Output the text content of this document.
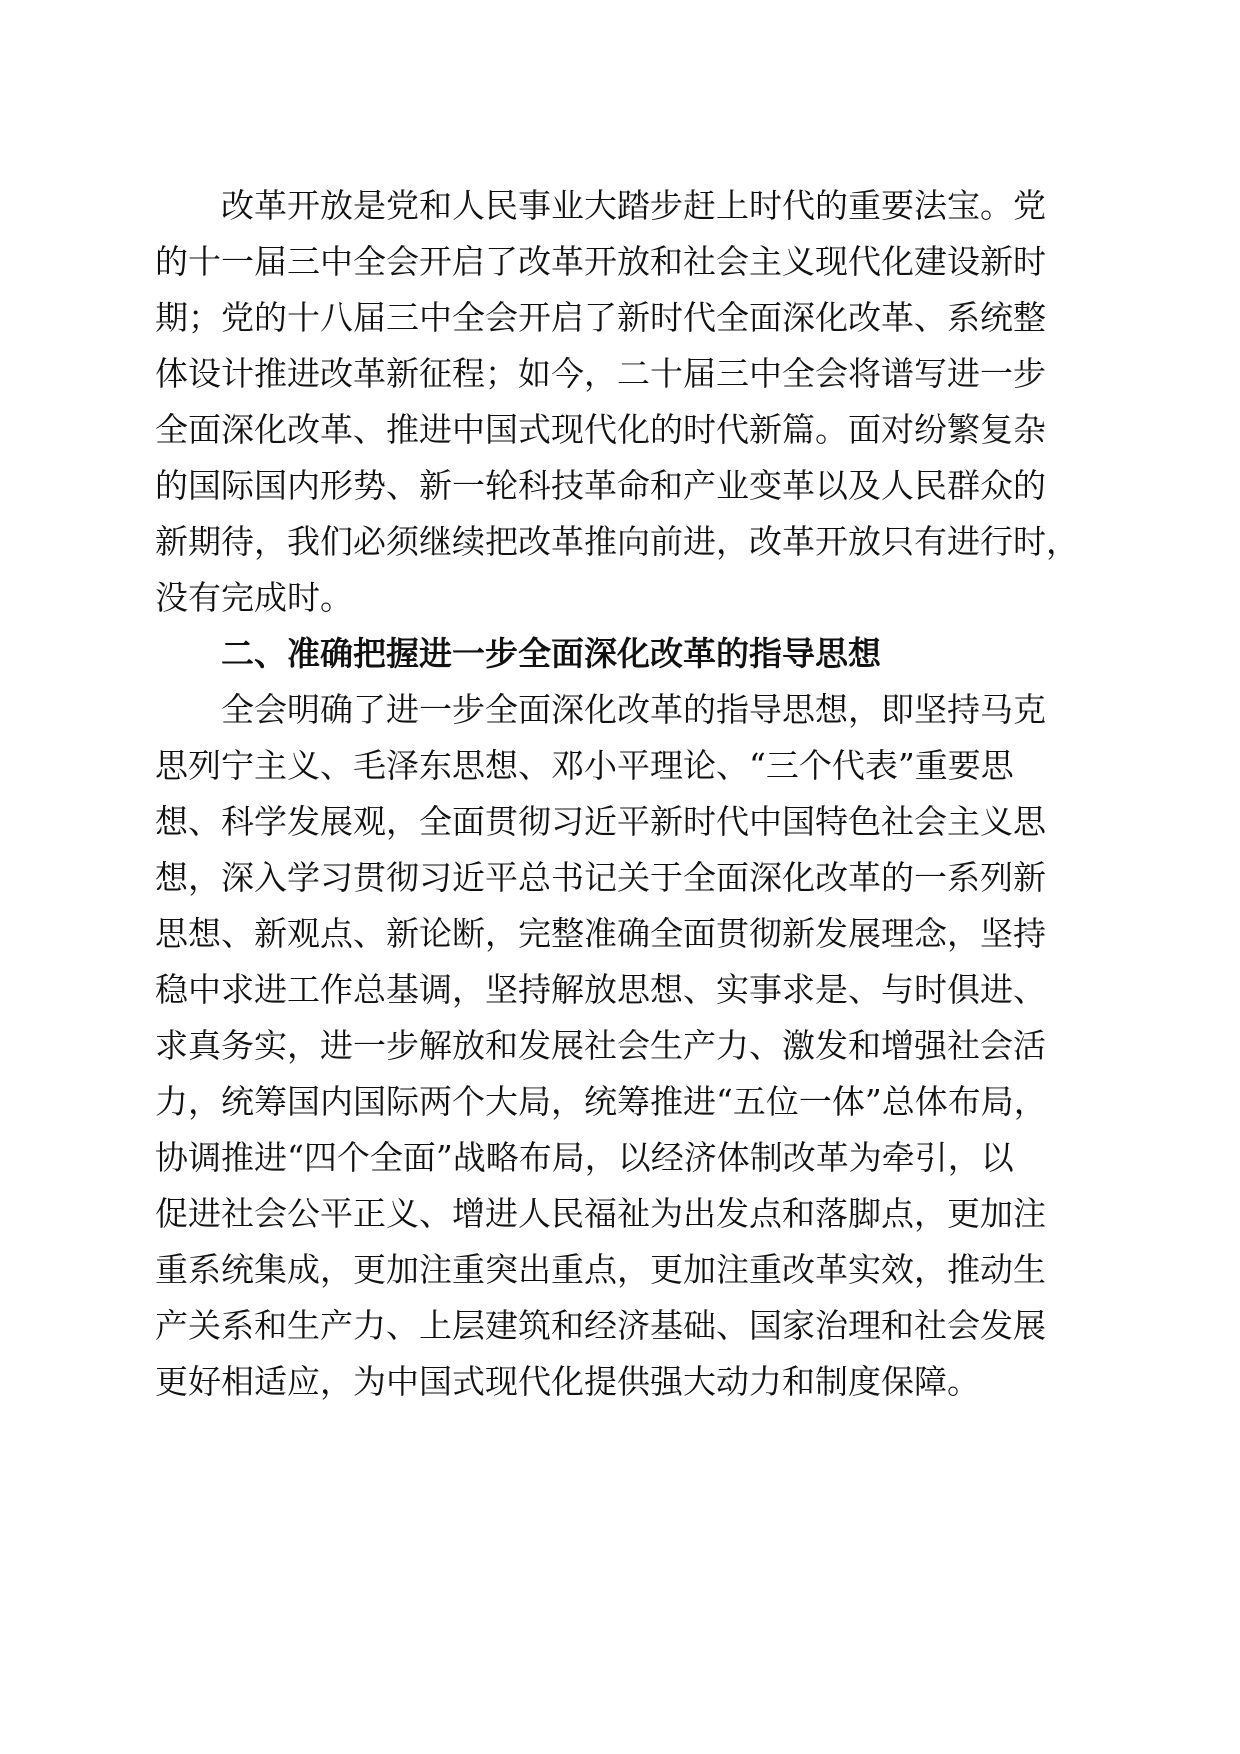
改革开放是党和人民事业大踏步赶上时代的重要法宝。党
的十一届三中全会开启了改革开放和社会主义现代化建设新时
期；党的十八届三中全会开启了新时代全面深化改革、系统整
体设计推进改革新征程；如今，二十届三中全会将谱写进一步
全面深化改革、推进中国式现代化的时代新篇。面对纷繁复杂
的国际国内形势、新一轮科技革命和产业变革以及人民群众的
新期待，我们必须继续把改革推向前进，改革开放只有进行时，
没有完成时。
二、准确把握进一步全面深化改革的指导思想
全会明确了进一步全面深化改革的指导思想，即坚持马克
思列宁主义、毛泽东思想、邓小平理论、“三个代表”重要思
想、科学发展观，全面贯彻习近平新时代中国特色社会主义思
想，深入学习贯彻习近平总书记关于全面深化改革的一系列新
思想、新观点、新论断，完整准确全面贯彻新发展理念，坚持
稳中求进工作总基调，坚持解放思想、实事求是、与时俱进、
求真务实，进一步解放和发展社会生产力、激发和增强社会活
力，统筹国内国际两个大局，统筹推进“五位一体”总体布局，
协调推进“四个全面”战略布局，以经济体制改革为牵引，以
促进社会公平正义、增进人民福祉为出发点和落脚点，更加注
重系统集成，更加注重突出重点，更加注重改革实效，推动生
产关系和生产力、上层建筑和经济基础、国家治理和社会发展
更好相适应，为中国式现代化提供强大动力和制度保障。
